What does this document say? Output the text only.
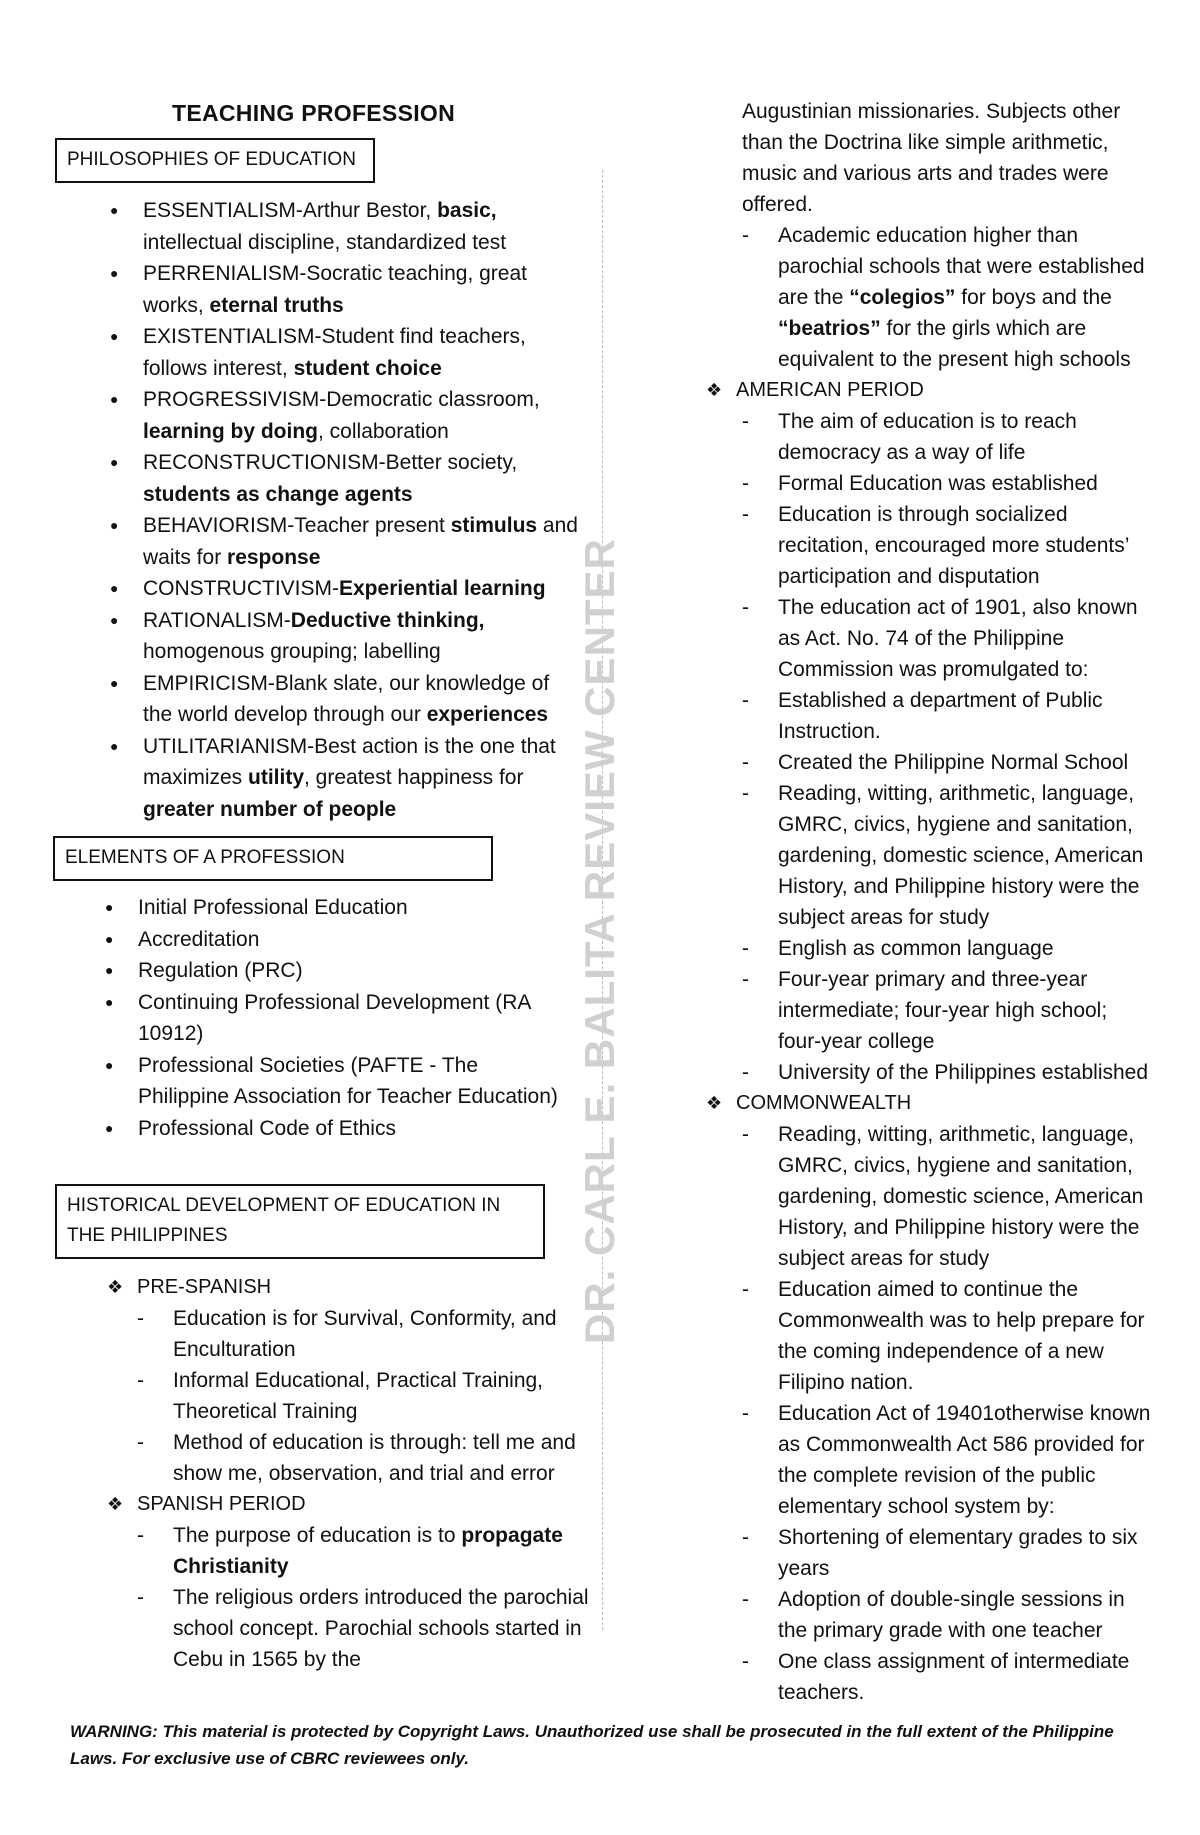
TEACHING PROFESSION
PHILOSOPHIES OF EDUCATION
● ESSENTIALISM-Arthur Bestor, basic, intellectual discipline, standardized test
● PERRENIALISM-Socratic teaching, great works, eternal truths
● EXISTENTIALISM-Student find teachers, follows interest, student choice
● PROGRESSIVISM-Democratic classroom, learning by doing, collaboration
● RECONSTRUCTIONISM-Better society, students as change agents
● BEHAVIORISM-Teacher present stimulus and waits for response
● CONSTRUCTIVISM-Experiential learning
● RATIONALISM-Deductive thinking, homogenous grouping; labelling
● EMPIRICISM-Blank slate, our knowledge of the world develop through our experiences
● UTILITARIANISM-Best action is the one that maximizes utility, greatest happiness for greater number of people
ELEMENTS OF A PROFESSION
● Initial Professional Education
● Accreditation
● Regulation (PRC)
● Continuing Professional Development (RA 10912)
● Professional Societies (PAFTE - The Philippine Association for Teacher Education)
● Professional Code of Ethics
HISTORICAL DEVELOPMENT OF EDUCATION IN THE PHILIPPINES
❖ PRE-SPANISH
- Education is for Survival, Conformity, and Enculturation
- Informal Educational, Practical Training, Theoretical Training
- Method of education is through: tell me and show me, observation, and trial and error
❖ SPANISH PERIOD
- The purpose of education is to propagate Christianity
- The religious orders introduced the parochial school concept. Parochial schools started in Cebu in 1565 by the
DR. CARL E. BALITA REVIEW CENTER
Augustinian missionaries. Subjects other than the Doctrina like simple arithmetic, music and various arts and trades were offered.
- Academic education higher than parochial schools that were established are the “colegios” for boys and the “beatrios” for the girls which are equivalent to the present high schools
❖ AMERICAN PERIOD
- The aim of education is to reach democracy as a way of life
- Formal Education was established
- Education is through socialized recitation, encouraged more students’ participation and disputation
- The education act of 1901, also known as Act. No. 74 of the Philippine Commission was promulgated to:
- Established a department of Public Instruction.
- Created the Philippine Normal School
- Reading, witting, arithmetic, language, GMRC, civics, hygiene and sanitation, gardening, domestic science, American History, and Philippine history were the subject areas for study
- English as common language
- Four-year primary and three-year intermediate; four-year high school; four-year college
- University of the Philippines established
❖ COMMONWEALTH
- Reading, witting, arithmetic, language, GMRC, civics, hygiene and sanitation, gardening, domestic science, American History, and Philippine history were the subject areas for study
- Education aimed to continue the Commonwealth was to help prepare for the coming independence of a new Filipino nation.
- Education Act of 19401otherwise known as Commonwealth Act 586 provided for the complete revision of the public elementary school system by:
- Shortening of elementary grades to six years
- Adoption of double-single sessions in the primary grade with one teacher
- One class assignment of intermediate teachers.
WARNING: This material is protected by Copyright Laws. Unauthorized use shall be prosecuted in the full extent of the Philippine Laws. For exclusive use of CBRC reviewees only.
